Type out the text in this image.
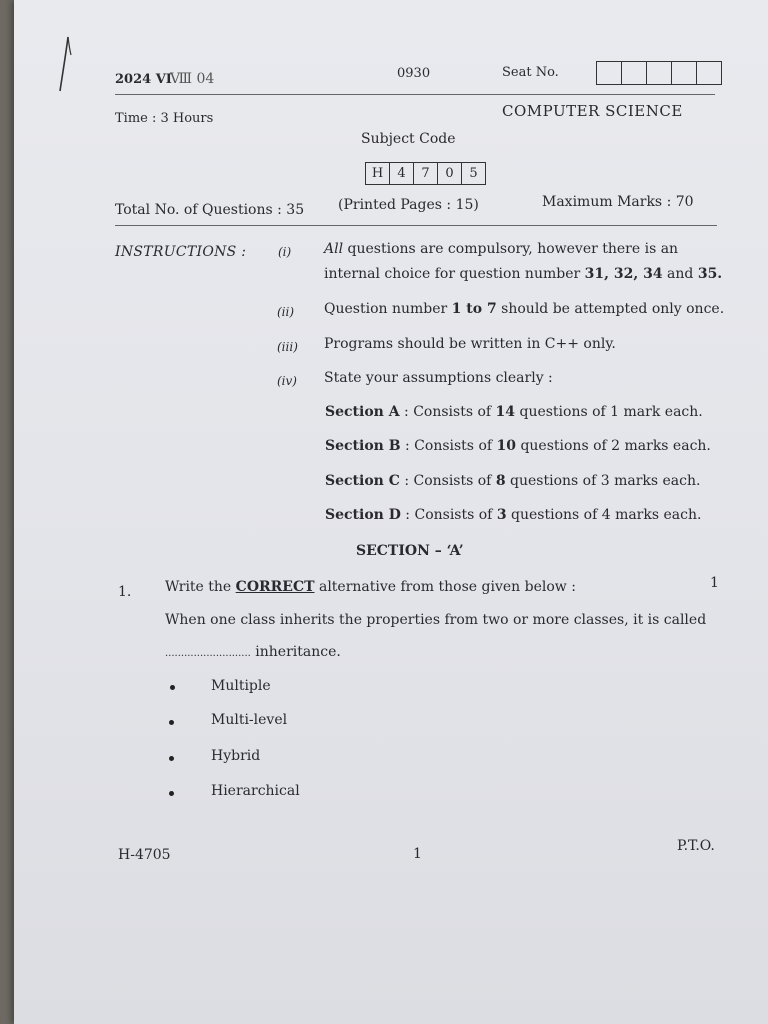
2024 VI
Ⅷ 04	0930	Seat No.
Time : 3 Hours	COMPUTER SCIENCE
Subject Code
H	4	7	0	5
Total No. of Questions : 35 (Printed Pages : 15)	Maximum Marks : 70
INSTRUCTIONS :	(i) All questions are compulsory, however there is an
internal choice for question number 31, 32, 34 and 35.
(ii) Question number 1 to 7 should be attempted only once.
(iii) Programs should be written in C++ only.
(iv) State your assumptions clearly :
Section A : Consists of 14 questions of 1 mark each.
Section B : Consists of 10 questions of 2 marks each.
Section C : Consists of 8 questions of 3 marks each.
Section D : Consists of 3 questions of 4 marks each.
SECTION – ‘A’
1. Write the CORRECT alternative from those given below :	1
When one class inherits the properties from two or more classes, it is called
........................... inheritance.
Multiple
Multi-level
Hybrid
Hierarchical
H-4705	1	P.T.O.
